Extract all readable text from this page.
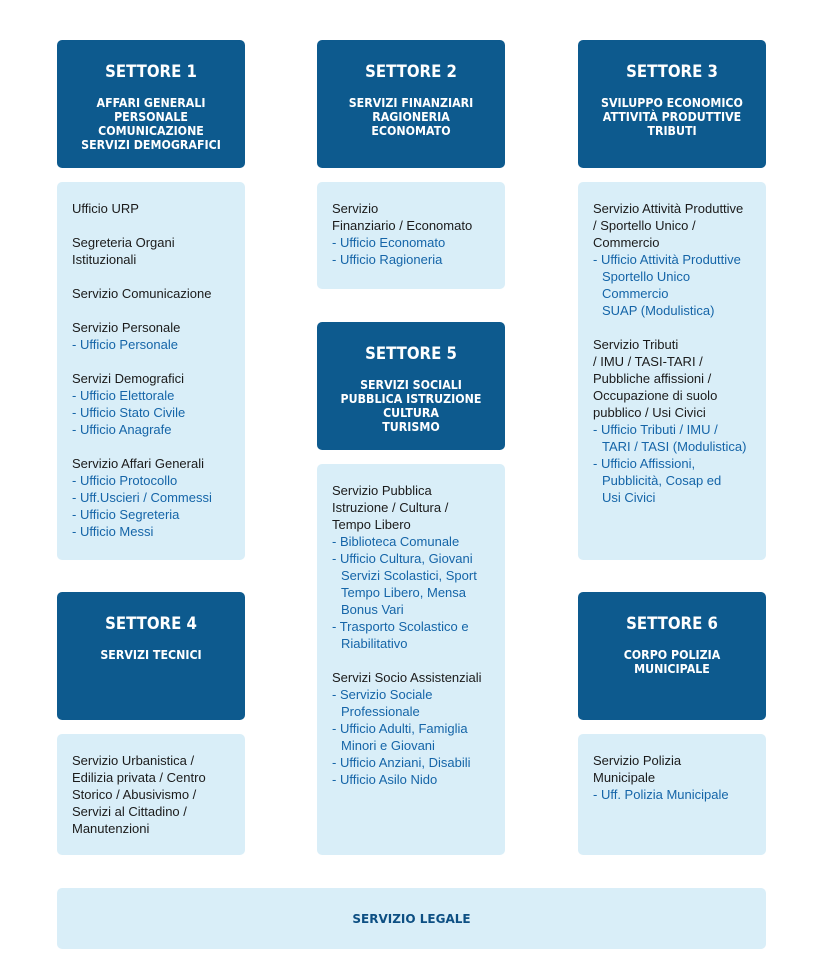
SETTORE 1
AFFARI GENERALI
PERSONALE
COMUNICAZIONE
SERVIZI DEMOGRAFICI
Ufficio URP
Segreteria Organi
Istituzionali
Servizio Comunicazione
Servizio Personale
- Ufficio Personale
Servizi Demografici
- Ufficio Elettorale
- Ufficio Stato Civile
- Ufficio Anagrafe
Servizio Affari Generali
- Ufficio Protocollo
- Uff.Uscieri / Commessi
- Ufficio Segreteria
- Ufficio Messi
SETTORE 4
SERVIZI TECNICI
Servizio Urbanistica /
Edilizia privata / Centro
Storico / Abusivismo /
Servizi al Cittadino /
Manutenzioni
SETTORE 2
SERVIZI FINANZIARI
RAGIONERIA
ECONOMATO
Servizio
Finanziario / Economato
- Ufficio Economato
- Ufficio Ragioneria
SETTORE 5
SERVIZI SOCIALI
PUBBLICA ISTRUZIONE
CULTURA
TURISMO
Servizio Pubblica
Istruzione / Cultura /
Tempo Libero
- Biblioteca Comunale
- Ufficio Cultura, Giovani
Servizi Scolastici, Sport
Tempo Libero, Mensa
Bonus Vari
- Trasporto Scolastico e
Riabilitativo
Servizi Socio Assistenziali
- Servizio Sociale
Professionale
- Ufficio Adulti, Famiglia
Minori e Giovani
- Ufficio Anziani, Disabili
- Ufficio Asilo Nido
SETTORE 3
SVILUPPO ECONOMICO
ATTIVITÀ PRODUTTIVE
TRIBUTI
Servizio Attività Produttive
/ Sportello Unico /
Commercio
- Ufficio Attività Produttive
Sportello Unico
Commercio
SUAP (Modulistica)
Servizio Tributi
/ IMU / TASI-TARI /
Pubbliche affissioni /
Occupazione di suolo
pubblico / Usi Civici
- Ufficio Tributi / IMU /
TARI / TASI (Modulistica)
- Ufficio Affissioni,
Pubblicità, Cosap ed
Usi Civici
SETTORE 6
CORPO POLIZIA
MUNICIPALE
Servizio Polizia
Municipale
- Uff. Polizia Municipale
SERVIZIO LEGALE
